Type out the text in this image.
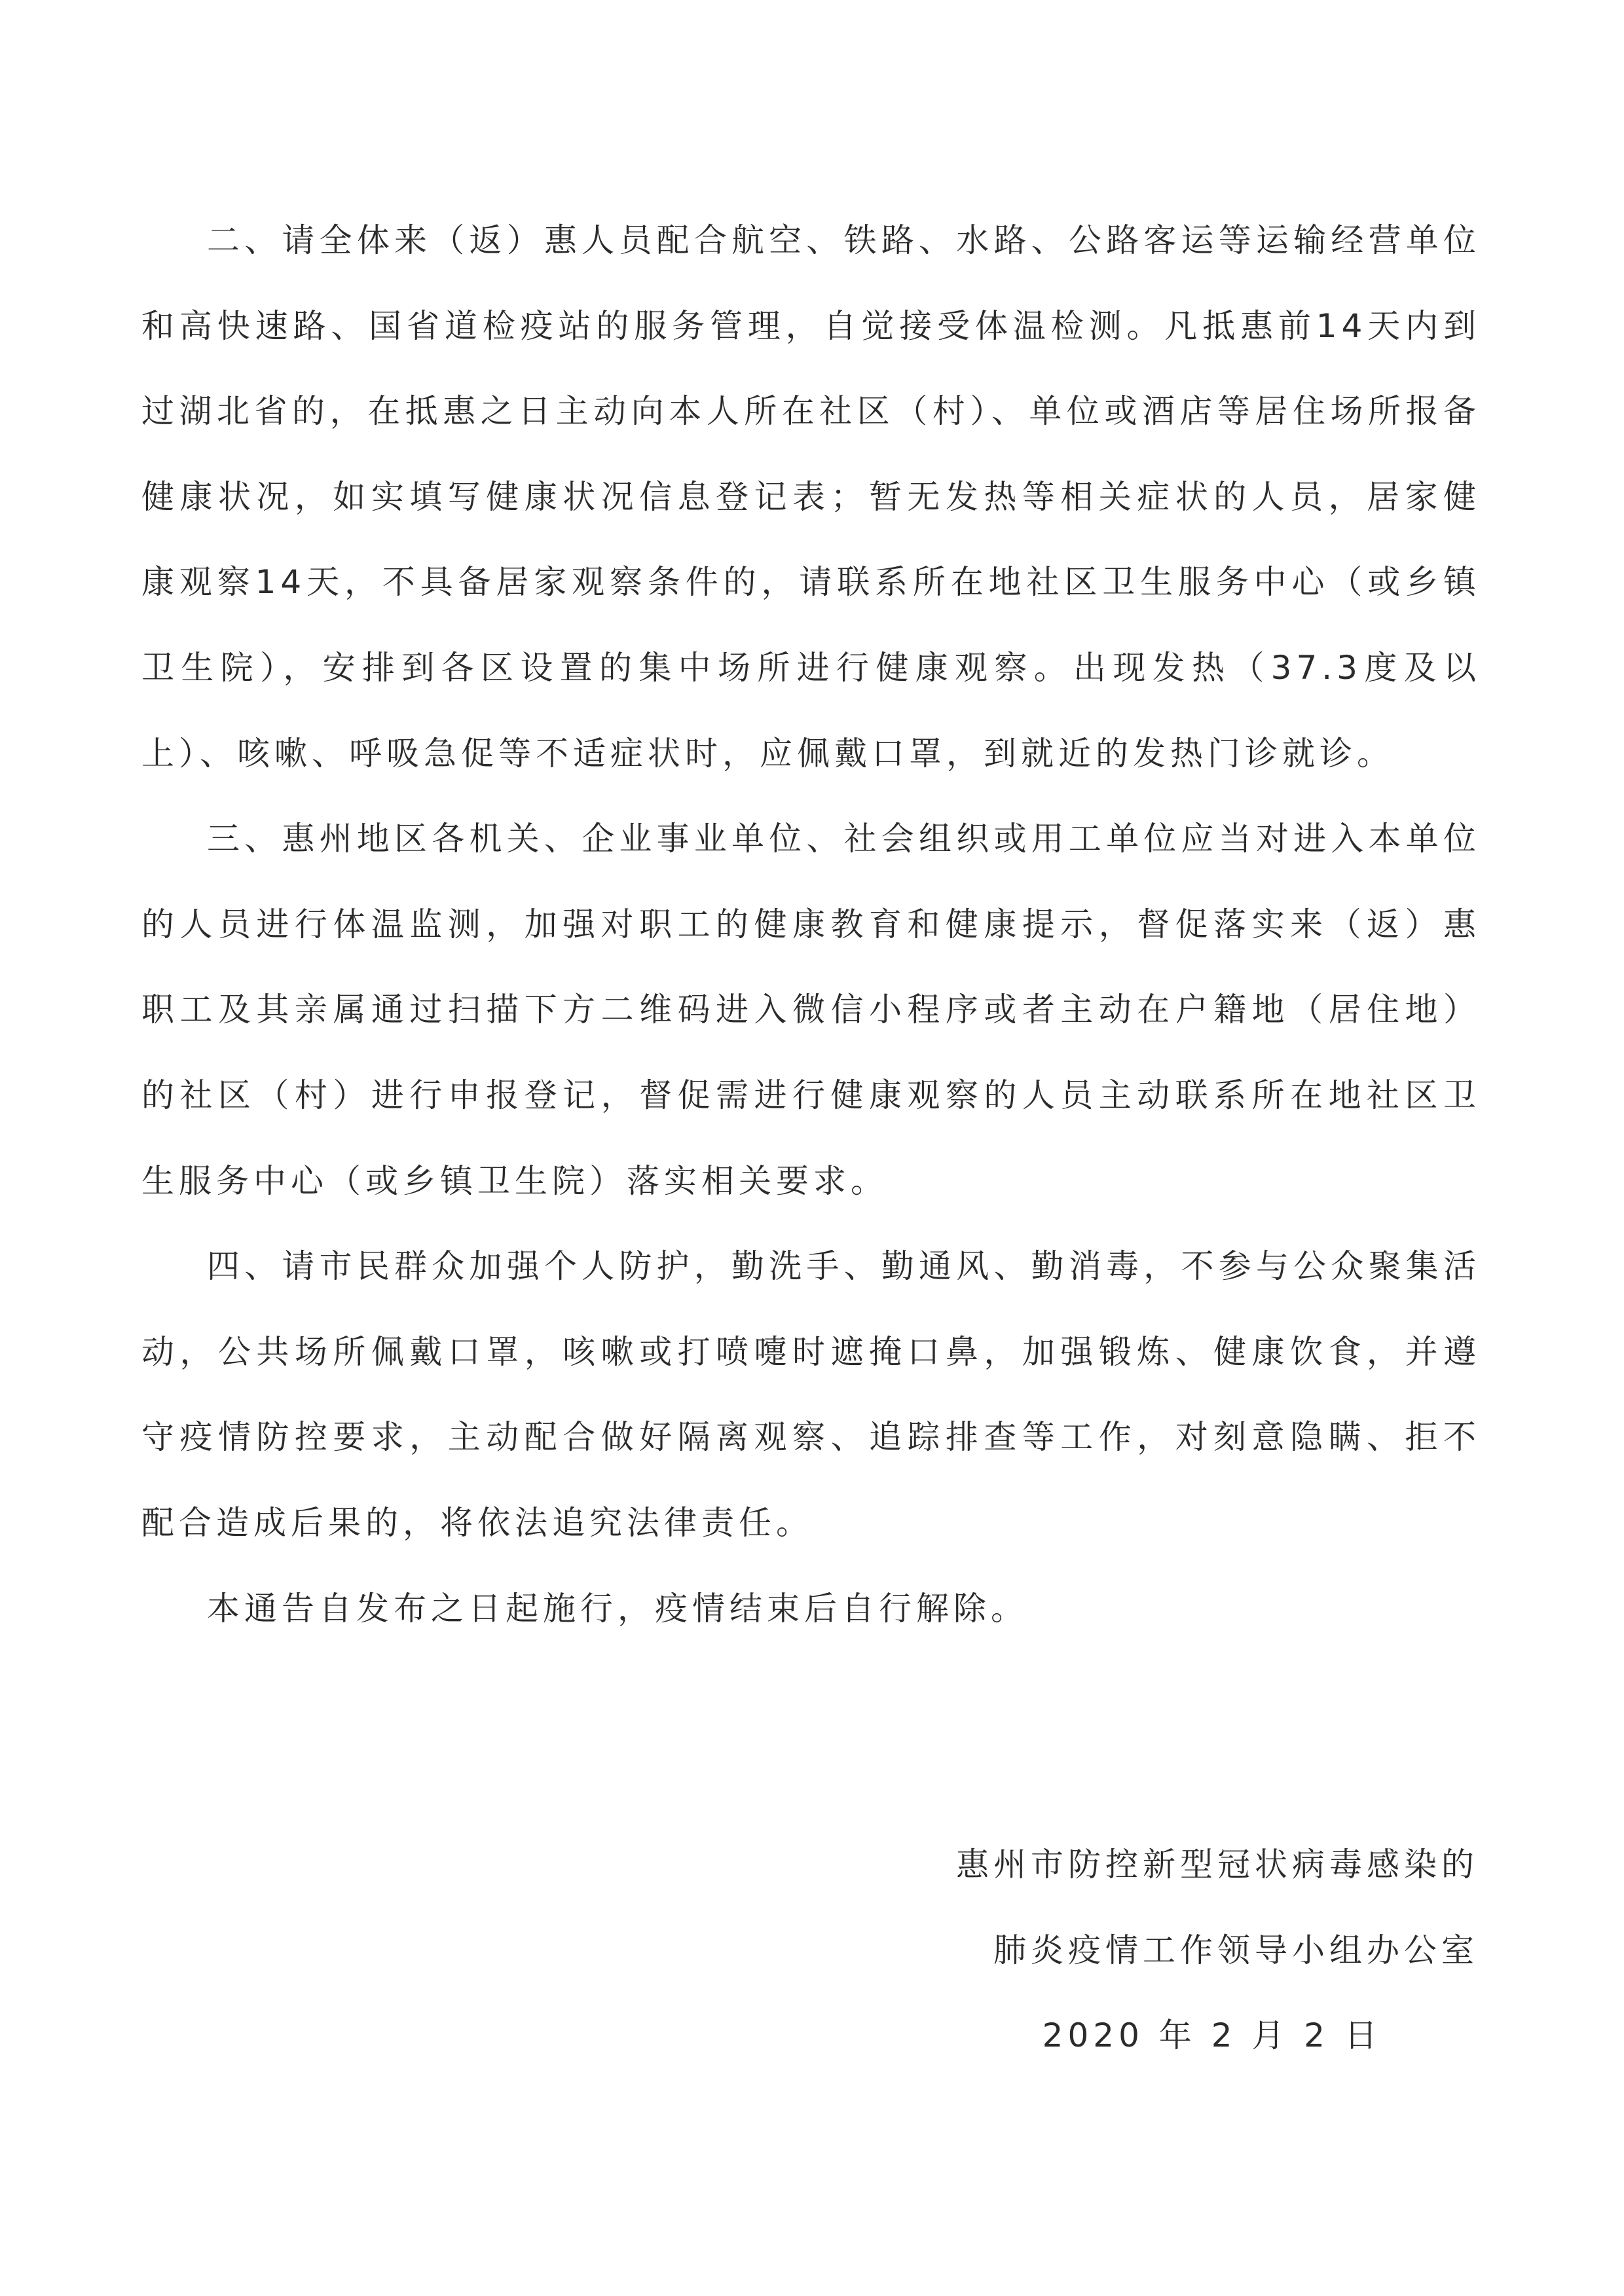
二、请全体来（返）惠人员配合航空、铁路、水路、公路客运等运输经营单位和高快速路、国省道检疫站的服务管理，自觉接受体温检测。凡抵惠前14天内到过湖北省的，在抵惠之日主动向本人所在社区（村）、单位或酒店等居住场所报备健康状况，如实填写健康状况信息登记表；暂无发热等相关症状的人员，居家健康观察14天，不具备居家观察条件的，请联系所在地社区卫生服务中心（或乡镇卫生院），安排到各区设置的集中场所进行健康观察。出现发热（37.3度及以上）、咳嗽、呼吸急促等不适症状时，应佩戴口罩，到就近的发热门诊就诊。

三、惠州地区各机关、企业事业单位、社会组织或用工单位应当对进入本单位的人员进行体温监测，加强对职工的健康教育和健康提示，督促落实来（返）惠职工及其亲属通过扫描下方二维码进入微信小程序或者主动在户籍地（居住地）的社区（村）进行申报登记，督促需进行健康观察的人员主动联系所在地社区卫生服务中心（或乡镇卫生院）落实相关要求。

四、请市民群众加强个人防护，勤洗手、勤通风、勤消毒，不参与公众聚集活动，公共场所佩戴口罩，咳嗽或打喷嚏时遮掩口鼻，加强锻炼、健康饮食，并遵守疫情防控要求，主动配合做好隔离观察、追踪排查等工作，对刻意隐瞒、拒不配合造成后果的，将依法追究法律责任。

本通告自发布之日起施行，疫情结束后自行解除。

惠州市防控新型冠状病毒感染的

肺炎疫情工作领导小组办公室

2020 年 2 月 2 日
